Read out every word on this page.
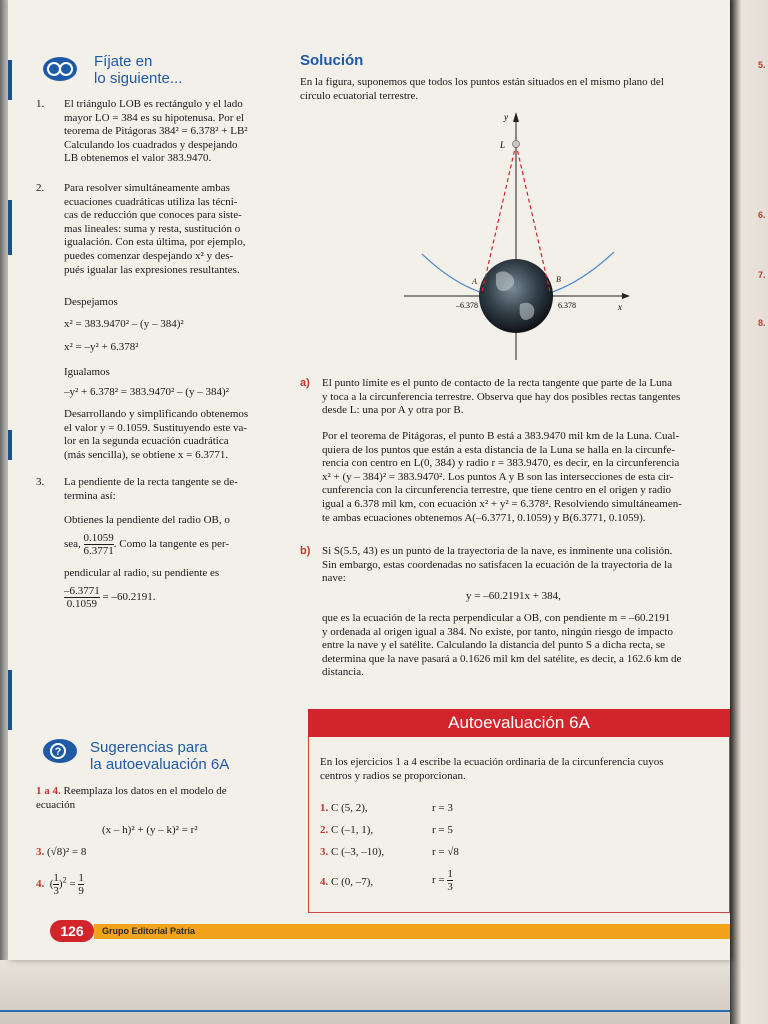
5.
6.
7.
8.
Fíjate en
lo siguiente...
1. El triángulo LOB es rectángulo y el lado
mayor LO = 384 es su hipotenusa. Por el
teorema de Pitágoras 384² = 6.378² + LB²
Calculando los cuadrados y despejando
LB obtenemos el valor 383.9470.
2. Para resolver simultáneamente ambas
ecuaciones cuadráticas utiliza las técni-
cas de reducción que conoces para siste-
mas lineales: suma y resta, sustitución o
igualación. Con esta última, por ejemplo,
puedes comenzar despejando x² y des-
pués igualar las expresiones resultantes.
Despejamos
x² = 383.9470² – (y – 384)²
x² = –y² + 6.378²
Igualamos
–y² + 6.378² = 383.9470² – (y – 384)²
Desarrollando y simplificando obtenemos
el valor y = 0.1059. Sustituyendo este va-
lor en la segunda ecuación cuadrática
(más sencilla), se obtiene x = 6.3771.
3. La pendiente de la recta tangente se de-
termina así:
Obtienes la pendiente del radio OB, o
sea, $\frac{0.1059}{6.3771}$ . Como la tangente es per-
pendicular al radio, su pendiente es
$\frac{-6.3771}{0.1059} = -60.2191$.
? Sugerencias para
la autoevaluación 6A
1 a 4. Reemplaza los datos en el modelo de
ecuación
(x – h)² + (y – k)² = r²
3. (√8)² = 8
4.  ( $\frac{1}{3} )^2 = \frac{1}{9}$
Solución
En la figura, suponemos que todos los puntos están situados en el mismo plano del
círculo ecuatorial terrestre.
y
x
L
A	B
–6.378	6.378
a) El punto límite es el punto de contacto de la recta tangente que parte de la Luna
y toca a la circunferencia terrestre. Observa que hay dos posibles rectas tangentes
desde L: una por A y otra por B.
Por el teorema de Pitágoras, el punto B está a 383.9470 mil km de la Luna. Cual-
quiera de los puntos que están a esta distancia de la Luna se halla en la circunfe-
rencia con centro en L(0, 384) y radio r = 383.9470, es decir, en la circunferencia
x² + (y – 384)² = 383.9470². Los puntos A y B son las intersecciones de esta cir-
cunferencia con la circunferencia terrestre, que tiene centro en el origen y radio
igual a 6.378 mil km, con ecuación x² + y² = 6.378². Resolviendo simultáneamen-
te ambas ecuaciones obtenemos A(–6.3771, 0.1059) y B(6.3771, 0.1059).
b) Si S(5.5, 43) es un punto de la trayectoria de la nave, es inminente una colisión.
Sin embargo, estas coordenadas no satisfacen la ecuación de la trayectoria de la
nave:
y = –60.2191x + 384,
que es la ecuación de la recta perpendicular a OB, con pendiente m = –60.2191
y ordenada al origen igual a 384. No existe, por tanto, ningún riesgo de impacto
entre la nave y el satélite. Calculando la distancia del punto S a dicha recta, se
determina que la nave pasará a 0.1626 mil km del satélite, es decir, a 162.6 km de
distancia.
Autoevaluación 6A
En los ejercicios 1 a 4 escribe la ecuación ordinaria de la circunferencia cuyos
centros y radios se proporcionan.
1. C (5, 2),	r = 3
2. C (–1, 1),	r = 5
3. C (–3, –10),	r = √8
4. C (0, –7),	$r = \frac{1}{3}$
126	Grupo Editorial Patria
